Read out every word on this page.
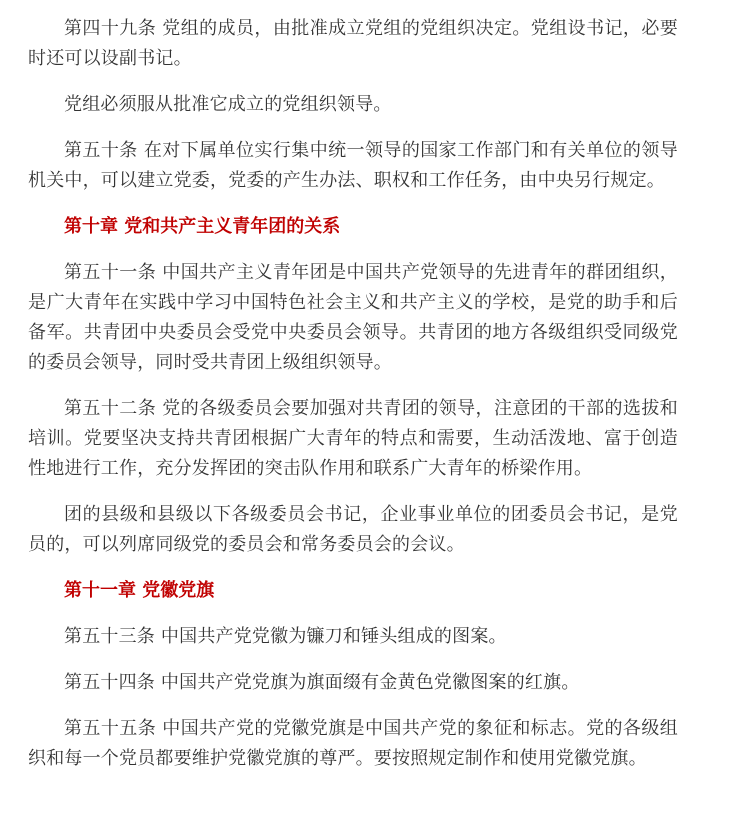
第四十九条 党组的成员，由批准成立党组的党组织决定。党组设书记，必要时还可以设副书记。

党组必须服从批准它成立的党组织领导。

第五十条 在对下属单位实行集中统一领导的国家工作部门和有关单位的领导机关中，可以建立党委，党委的产生办法、职权和工作任务，由中央另行规定。

第十章 党和共产主义青年团的关系

第五十一条 中国共产主义青年团是中国共产党领导的先进青年的群团组织，是广大青年在实践中学习中国特色社会主义和共产主义的学校，是党的助手和后备军。共青团中央委员会受党中央委员会领导。共青团的地方各级组织受同级党的委员会领导，同时受共青团上级组织领导。

第五十二条 党的各级委员会要加强对共青团的领导，注意团的干部的选拔和培训。党要坚决支持共青团根据广大青年的特点和需要，生动活泼地、富于创造性地进行工作，充分发挥团的突击队作用和联系广大青年的桥梁作用。

团的县级和县级以下各级委员会书记，企业事业单位的团委员会书记，是党员的，可以列席同级党的委员会和常务委员会的会议。

第十一章 党徽党旗

第五十三条 中国共产党党徽为镰刀和锤头组成的图案。

第五十四条 中国共产党党旗为旗面缀有金黄色党徽图案的红旗。

第五十五条 中国共产党的党徽党旗是中国共产党的象征和标志。党的各级组织和每一个党员都要维护党徽党旗的尊严。要按照规定制作和使用党徽党旗。
